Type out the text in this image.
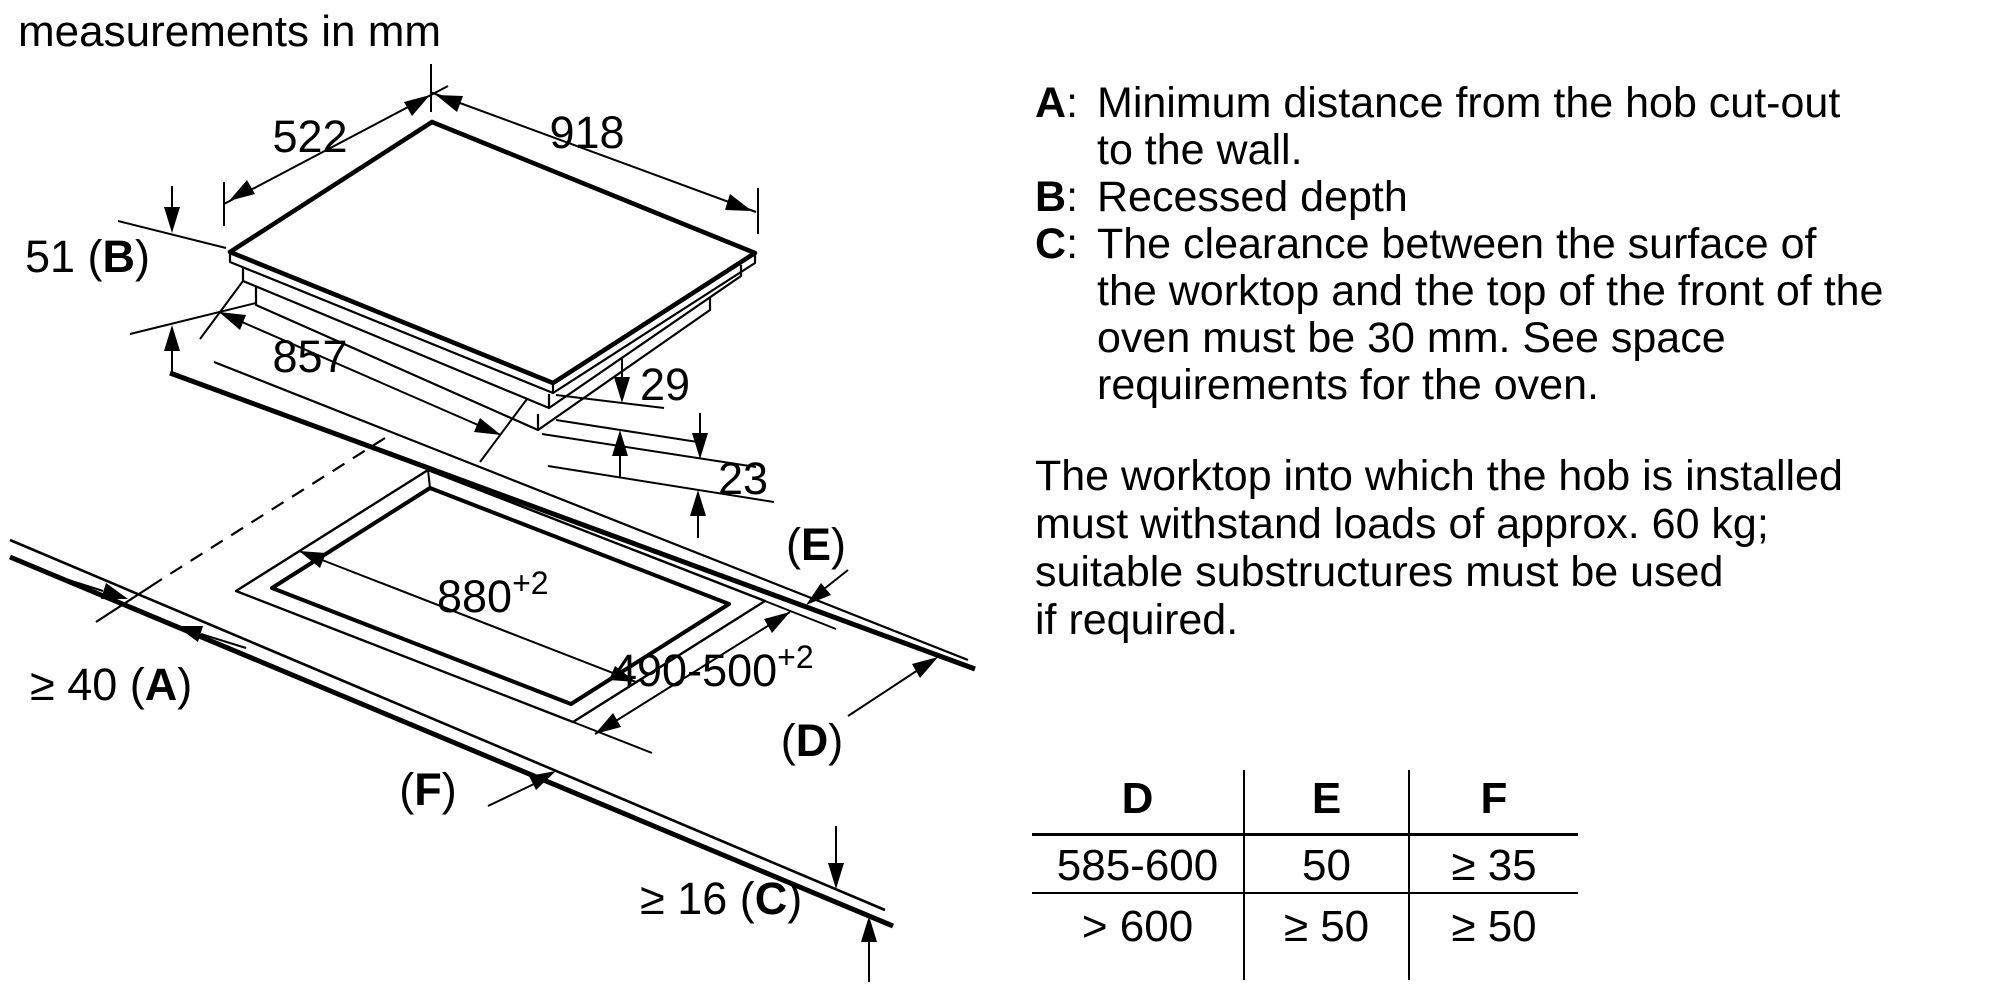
measurements in mm
522	918
51 (B)
857
29
23
$880^{+2}$
$490-500^{+2}$
≥ 40 (A)
(E)
(D)
(F)
≥ 16 (C)
A: Minimum distance from the hob cut-out
to the wall.
B: Recessed depth
C: The clearance between the surface of
the worktop and the top of the front of the
oven must be 30 mm. See space
requirements for the oven.
The worktop into which the hob is installed
must withstand loads of approx. 60 kg;
suitable substructures must be used
if required.
D	E	F
585-600	50	≥ 35
> 600	≥ 50	≥ 50
